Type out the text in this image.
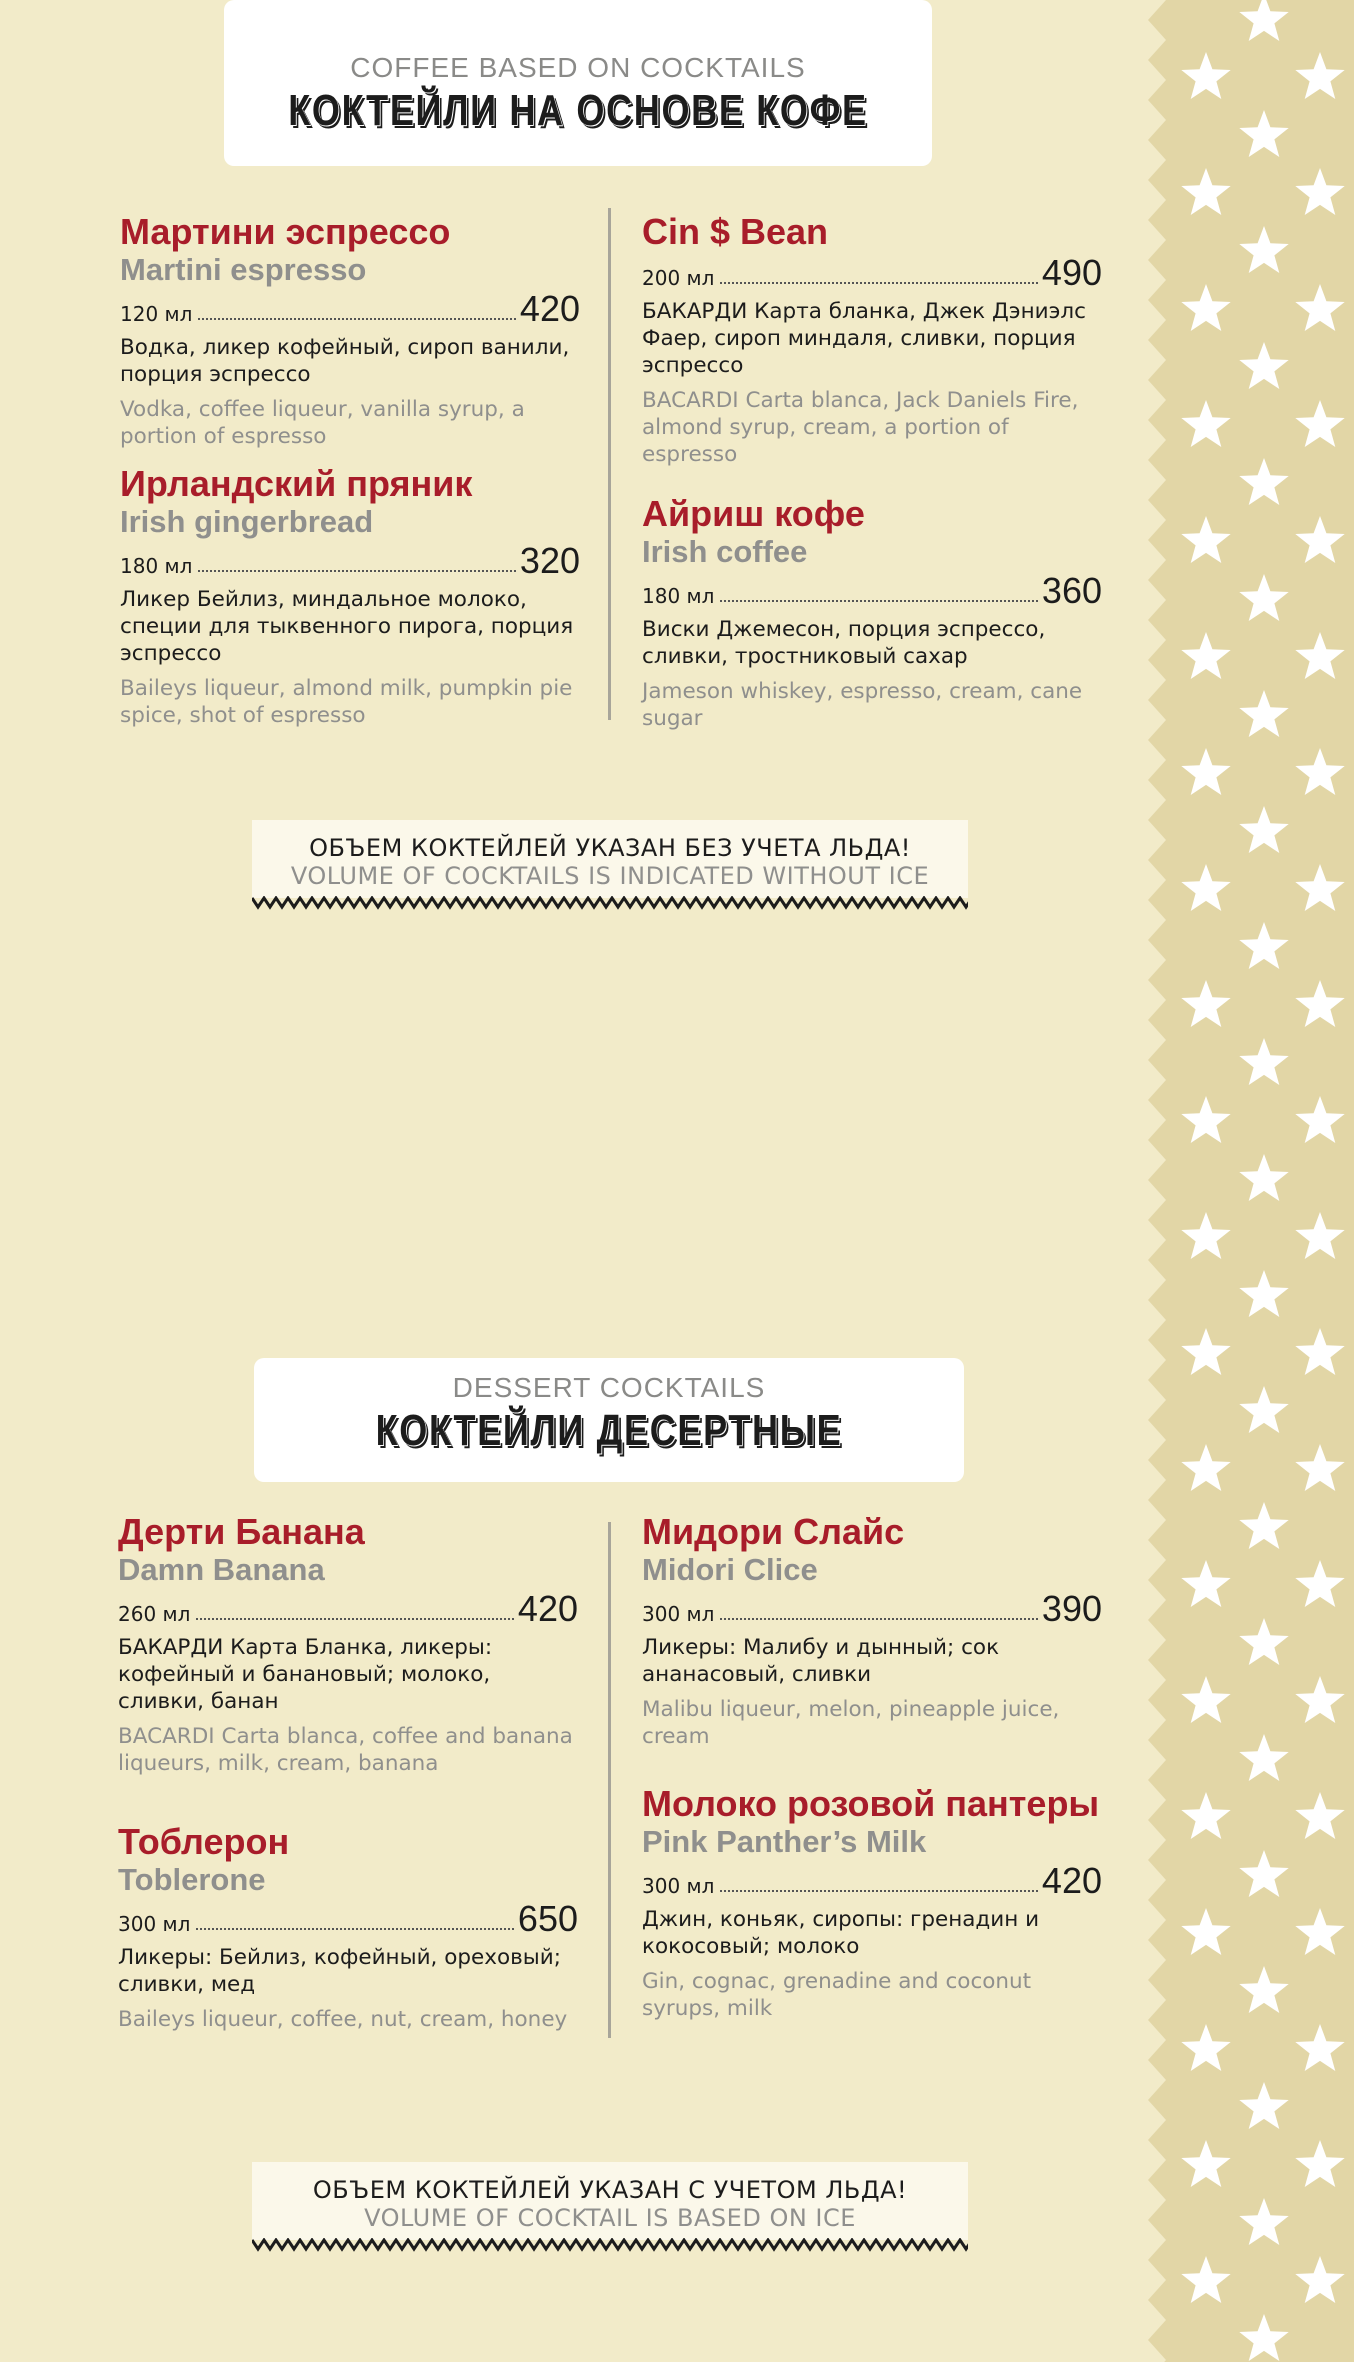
COFFEE BASED ON COCKTAILS
КОКТЕЙЛИ НА ОСНОВЕ КОФЕ
Мартини эспрессо
Martini espresso
120 мл	420
Водка, ликер кофейный, сироп ванили, порция эспрессо
Vodka, coffee liqueur, vanilla syrup, a portion of espresso
Ирландский пряник
Irish gingerbread
180 мл	320
Ликер Бейлиз, миндальное молоко, специи для тыквенного пирога, порция эспрессо
Baileys liqueur, almond milk, pumpkin pie spice, shot of espresso
Cin $ Bean
200 мл	490
БАКАРДИ Карта бланка, Джек Дэниэлс Фаер, сироп миндаля, сливки, порция эспрессо
BACARDI Carta blanca, Jack Daniels Fire, almond syrup, cream, a portion of espresso
Айриш кофе
Irish coffee
180 мл	360
Виски Джемесон, порция эспрессо, сливки, тростниковый сахар
Jameson whiskey, espresso, cream, cane sugar
ОБЪЕМ КОКТЕЙЛЕЙ УКАЗАН БЕЗ УЧЕТА ЛЬДА!
VOLUME OF COCKTAILS IS INDICATED WITHOUT ICE
DESSERT COCKTAILS
КОКТЕЙЛИ ДЕСЕРТНЫЕ
Дерти Банана
Damn Banana
260 мл	420
БАКАРДИ Карта Бланка, ликеры: кофейный и банановый; молоко, сливки, банан
BACARDI Carta blanca, coffee and banana liqueurs, milk, cream, banana
Тоблерон
Toblerone
300 мл	650
Ликеры: Бейлиз, кофейный, ореховый; сливки, мед
Baileys liqueur, coffee, nut, cream, honey
Мидори Слайс
Midori Clice
300 мл	390
Ликеры: Малибу и дынный; сок ананасовый, сливки
Malibu liqueur, melon, pineapple juice, cream
Молоко розовой пантеры
Pink Panther’s Milk
300 мл	420
Джин, коньяк, сиропы: гренадин и кокосовый; молоко
Gin, cognac, grenadine and coconut syrups, milk
ОБЪЕМ КОКТЕЙЛЕЙ УКАЗАН С УЧЕТОМ ЛЬДА!
VOLUME OF COCKTAIL IS BASED ON ICE
